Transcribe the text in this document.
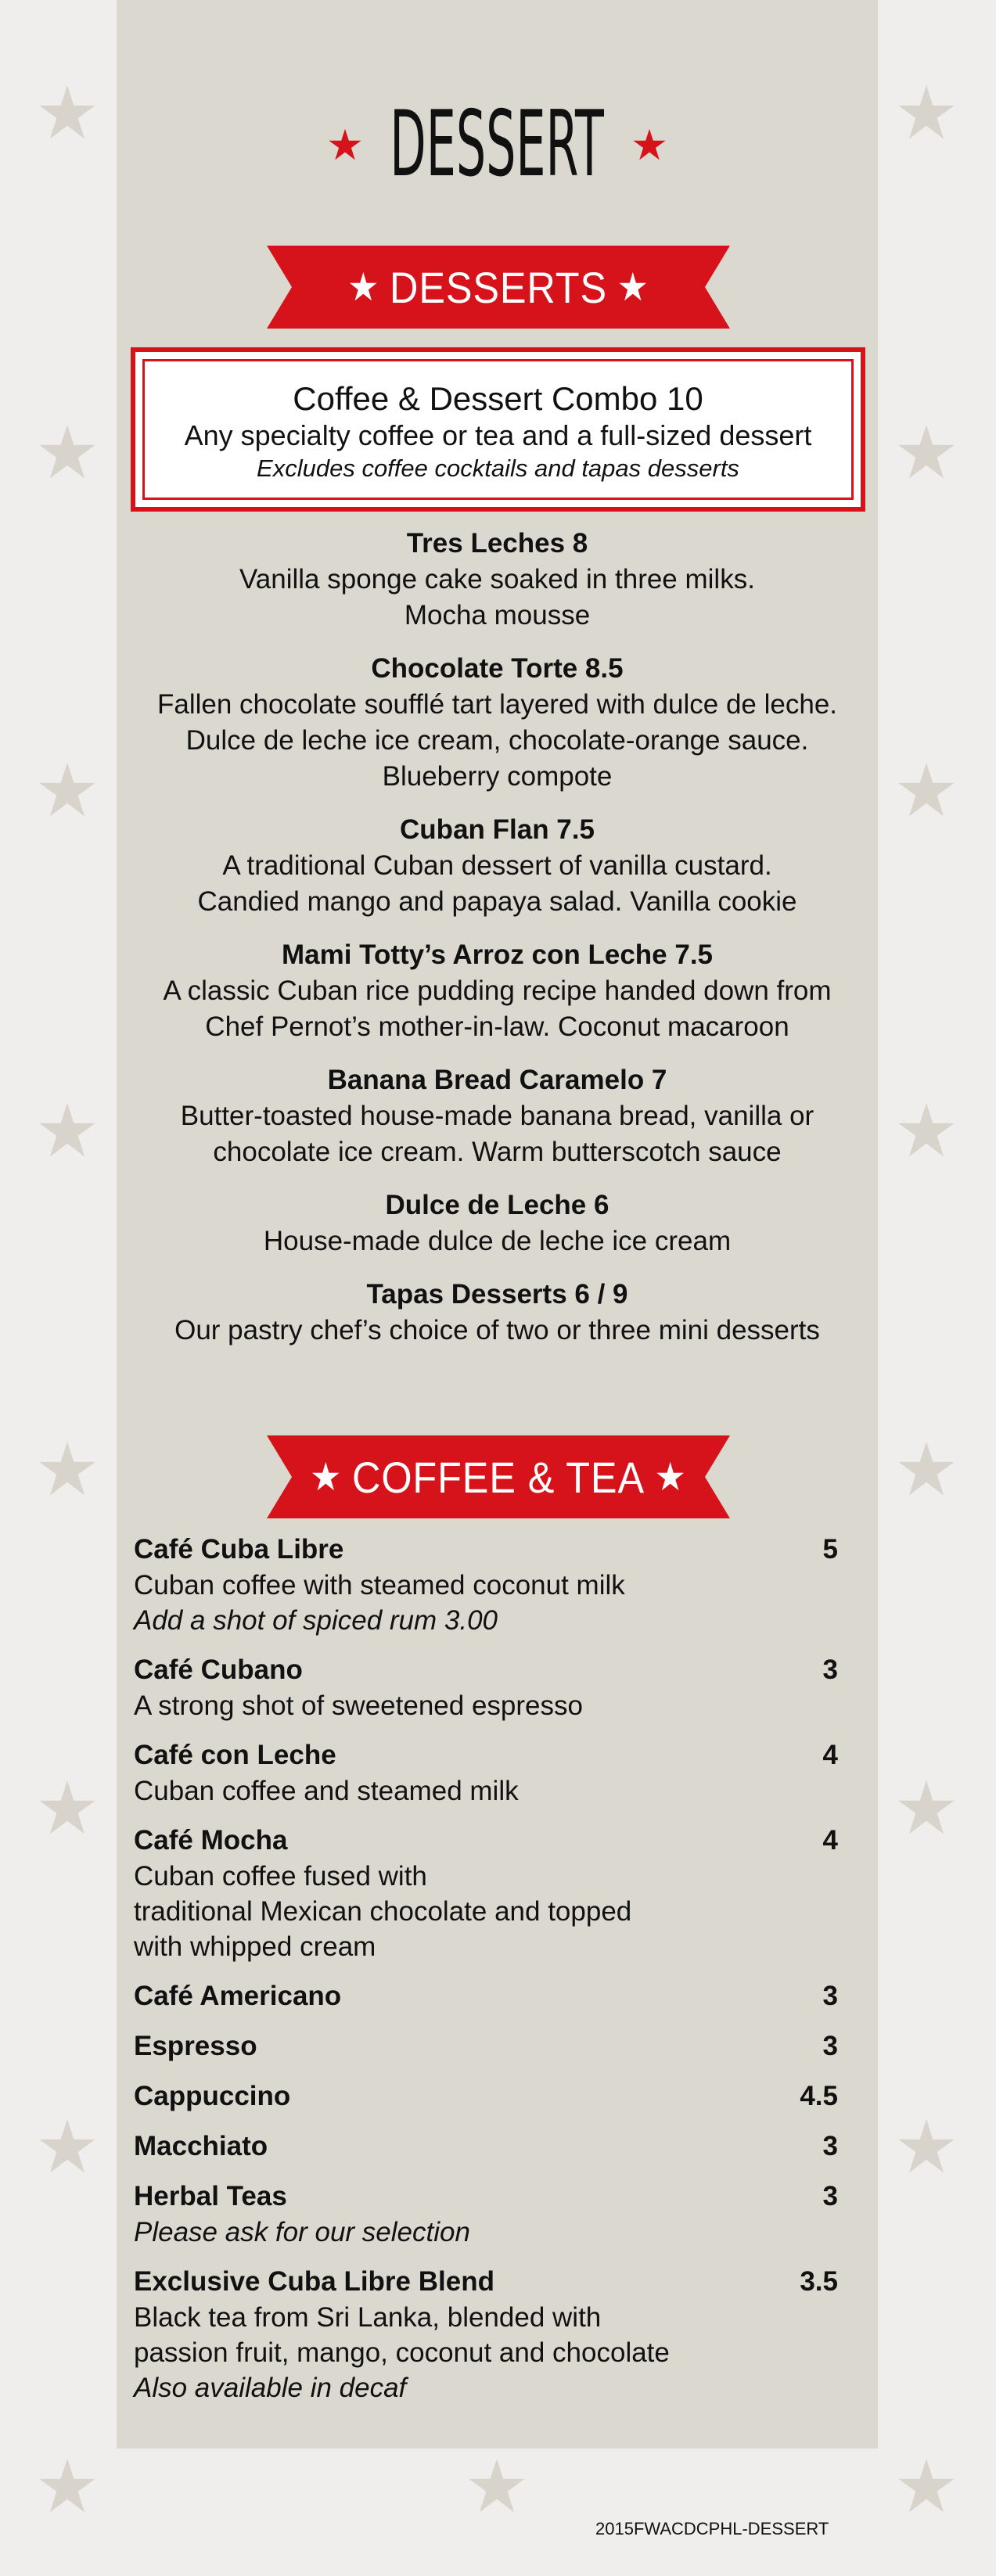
DESSERT
★ DESSERTS ★
Coffee & Dessert Combo 10
Any specialty coffee or tea and a full-sized dessert
Excludes coffee cocktails and tapas desserts
Tres Leches 8
Vanilla sponge cake soaked in three milks.
Mocha mousse
Chocolate Torte 8.5
Fallen chocolate soufflé tart layered with dulce de leche.
Dulce de leche ice cream, chocolate-orange sauce.
Blueberry compote
Cuban Flan 7.5
A traditional Cuban dessert of vanilla custard.
Candied mango and papaya salad. Vanilla cookie
Mami Totty’s Arroz con Leche 7.5
A classic Cuban rice pudding recipe handed down from
Chef Pernot’s mother-in-law. Coconut macaroon
Banana Bread Caramelo 7
Butter-toasted house-made banana bread, vanilla or
chocolate ice cream. Warm butterscotch sauce
Dulce de Leche 6
House-made dulce de leche ice cream
Tapas Desserts 6 / 9
Our pastry chef’s choice of two or three mini desserts
★ COFFEE & TEA ★
Café Cuba Libre	5
Cuban coffee with steamed coconut milk
Add a shot of spiced rum 3.00
Café Cubano	3
A strong shot of sweetened espresso
Café con Leche	4
Cuban coffee and steamed milk
Café Mocha	4
Cuban coffee fused with
traditional Mexican chocolate and topped
with whipped cream
Café Americano	3
Espresso	3
Cappuccino	4.5
Macchiato	3
Herbal Teas	3
Please ask for our selection
Exclusive Cuba Libre Blend	3.5
Black tea from Sri Lanka, blended with
passion fruit, mango, coconut and chocolate
Also available in decaf
2015FWACDCPHL-DESSERT
